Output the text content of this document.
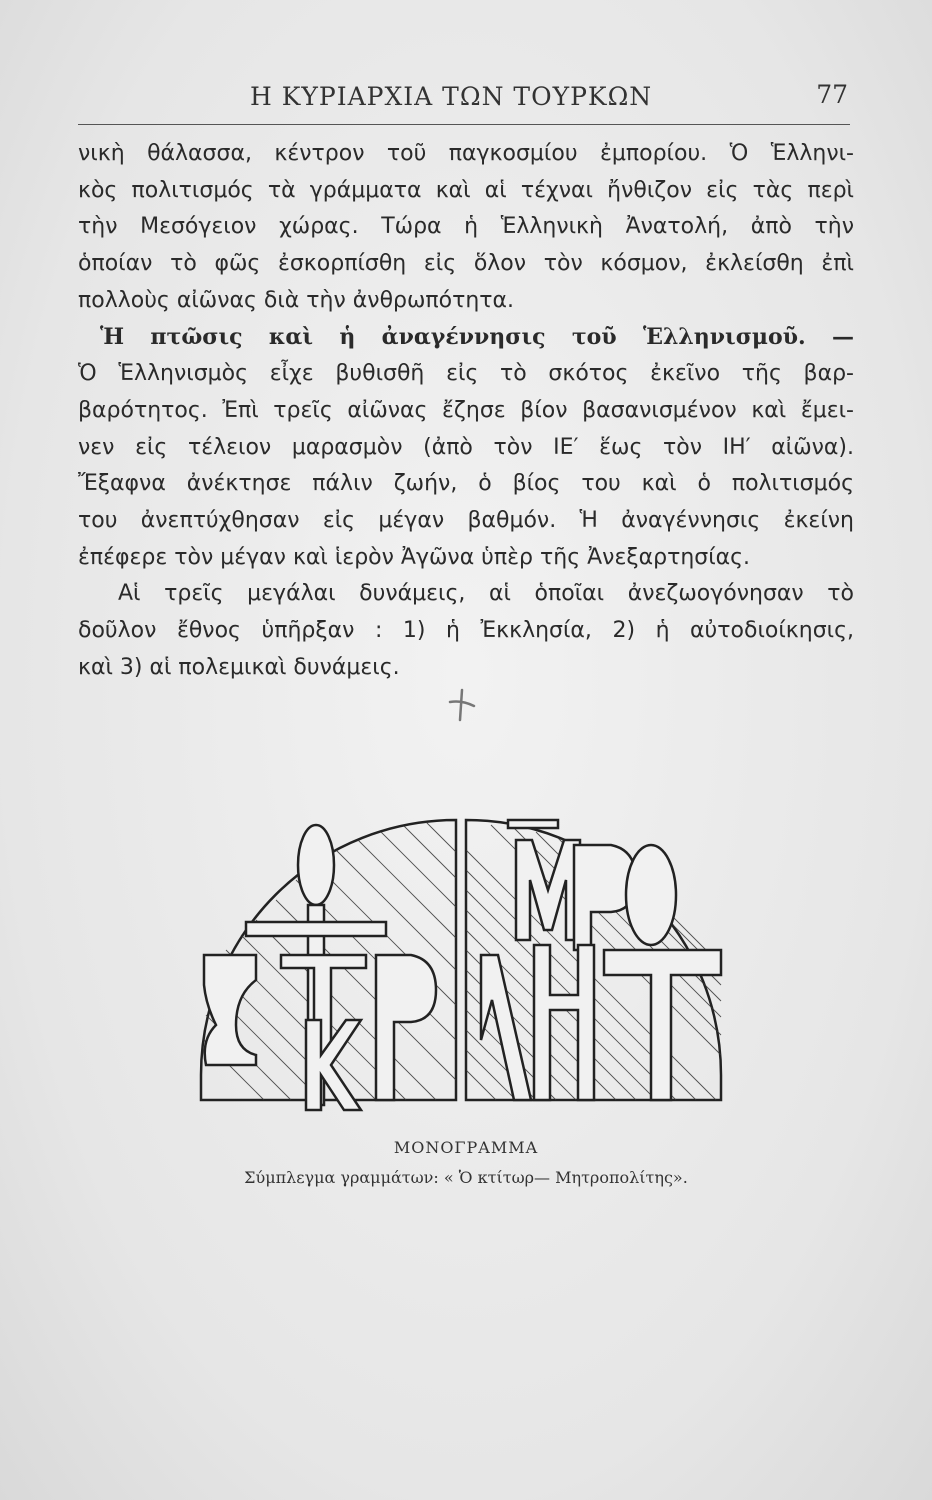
Η ΚΥΡΙΑΡΧΙΑ ΤΩΝ ΤΟΥΡΚΩΝ	77
νικὴ θάλασσα, κέντρον τοῦ παγκοσμίου ἐμπορίου. Ὁ Ἑλληνι-
κὸς πολιτισμός τὰ γράμματα καὶ αἱ τέχναι ἤνθιζον εἰς τὰς περὶ
τὴν Μεσόγειον χώρας. Τώρα ἡ Ἑλληνικὴ Ἀνατολή, ἀπὸ τὴν
ὁποίαν τὸ φῶς ἐσκορπίσθη εἰς ὅλον τὸν κόσμον, ἐκλείσθη ἐπὶ
πολλοὺς αἰῶνας διὰ τὴν ἀνθρωπότητα.
Ἡ πτῶσις καὶ ἡ ἀναγέννησις τοῦ Ἑλληνισμοῦ. —
Ὁ Ἑλληνισμὸς εἶχε βυθισθῆ εἰς τὸ σκότος ἐκεῖνο τῆς βαρ-
βαρότητος. Ἐπὶ τρεῖς αἰῶνας ἔζησε βίον βασανισμένον καὶ ἔμει-
νεν εἰς τέλειον μαρασμὸν (ἀπὸ τὸν ΙΕ′ ἕως τὸν ΙΗ′ αἰῶνα).
Ἔξαφνα ἀνέκτησε πάλιν ζωήν, ὁ βίος του καὶ ὁ πολιτισμός
του ἀνεπτύχθησαν εἰς μέγαν βαθμόν. Ἡ ἀναγέννησις ἐκείνη
ἐπέφερε τὸν μέγαν καὶ ἱερὸν Ἀγῶνα ὑπὲρ τῆς Ἀνεξαρτησίας.
Αἱ τρεῖς μεγάλαι δυνάμεις, αἱ ὁποῖαι ἀνεζωογόνησαν τὸ
δοῦλον ἔθνος ὑπῆρξαν : 1) ἡ Ἐκκλησία, 2) ἡ αὐτοδιοίκησις,
καὶ 3) αἱ πολεμικαὶ δυνάμεις.
ΜΟΝΟΓΡΑΜΜΑ
Σύμπλεγμα γραμμάτων: « Ὁ κτίτωρ— Μητροπολίτης».
